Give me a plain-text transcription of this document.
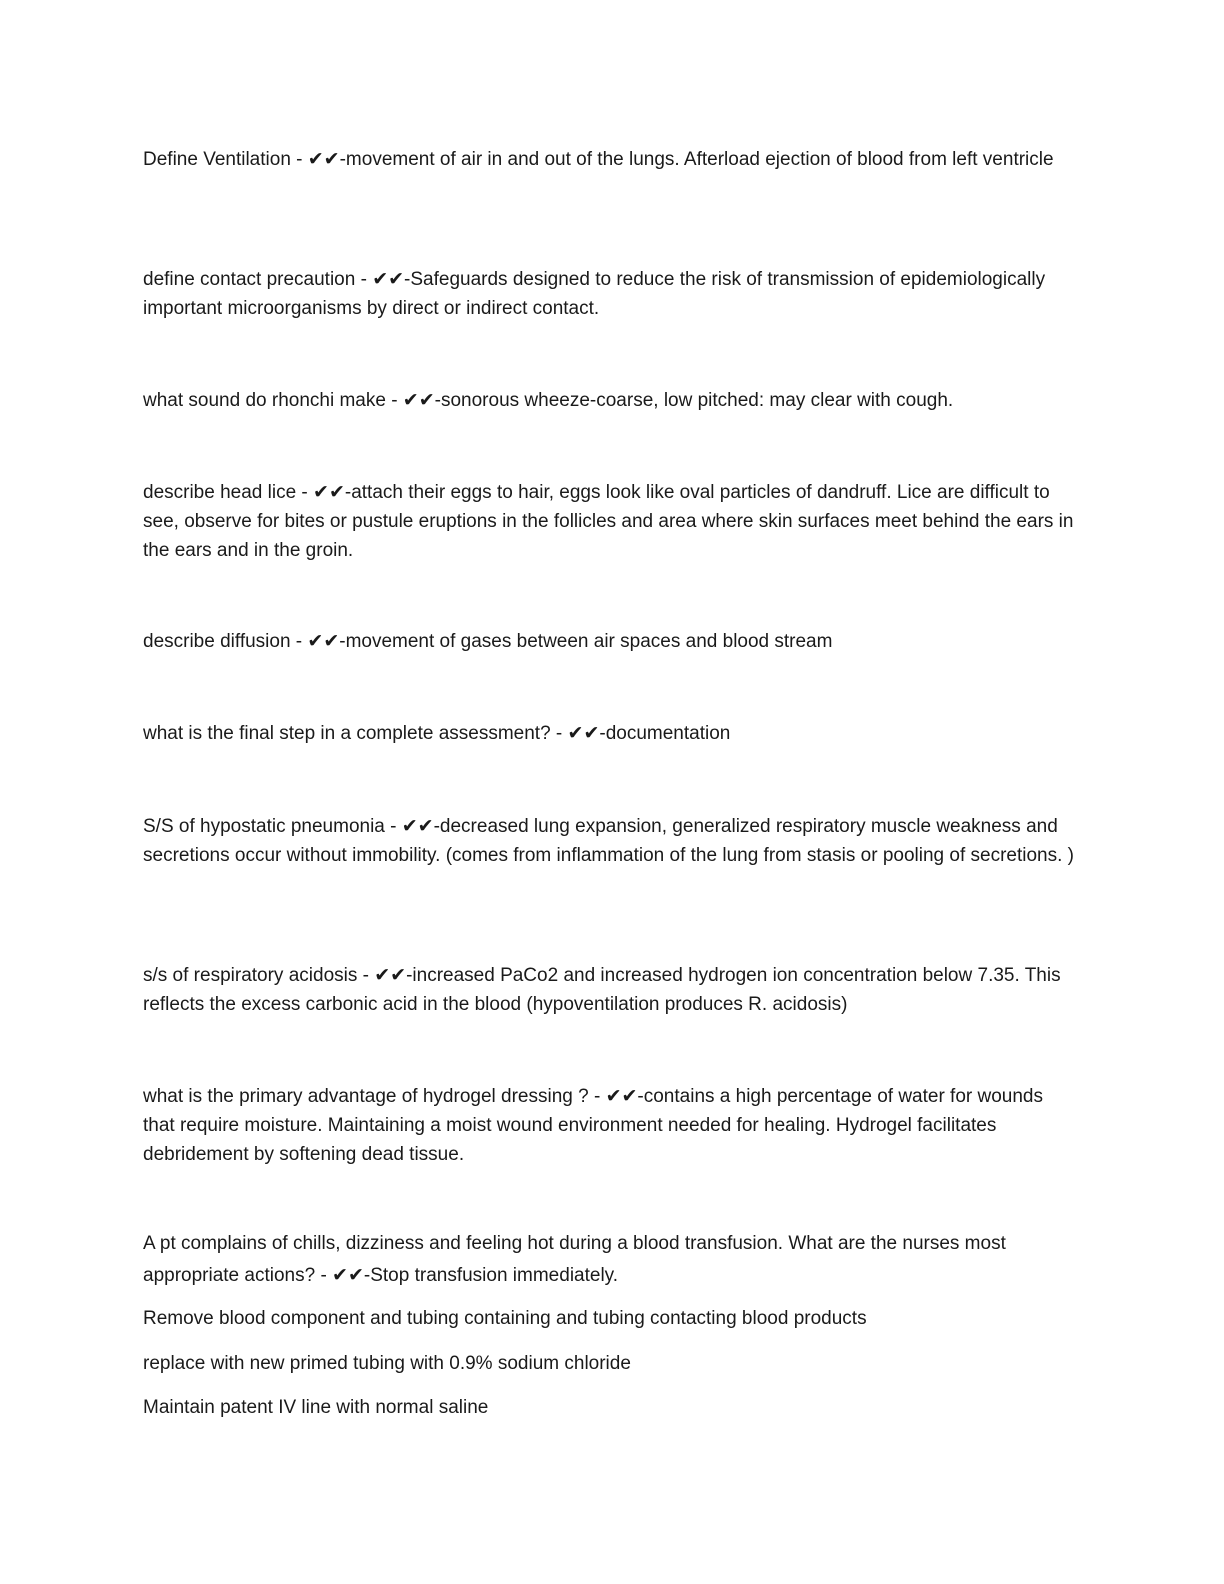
Define Ventilation - ✔✔-movement of air in and out of the lungs. Afterload ejection of blood from left ventricle

define contact precaution - ✔✔-Safeguards designed to reduce the risk of transmission of epidemiologically important microorganisms by direct or indirect contact.

what sound do rhonchi make - ✔✔-sonorous wheeze-coarse, low pitched: may clear with cough.

describe head lice - ✔✔-attach their eggs to hair, eggs look like oval particles of dandruff. Lice are difficult to see, observe for bites or pustule eruptions in the follicles and area where skin surfaces meet behind the ears in the ears and in the groin.

describe diffusion - ✔✔-movement of gases between air spaces and blood stream

what is the final step in a complete assessment? - ✔✔-documentation

S/S of hypostatic pneumonia - ✔✔-decreased lung expansion, generalized respiratory muscle weakness and secretions occur without immobility. (comes from inflammation of the lung from stasis or pooling of secretions. )

s/s of respiratory acidosis - ✔✔-increased PaCo2 and increased hydrogen ion concentration below 7.35. This reflects the excess carbonic acid in the blood (hypoventilation produces R. acidosis)

what is the primary advantage of hydrogel dressing ? - ✔✔-contains a high percentage of water for wounds that require moisture. Maintaining a moist wound environment needed for healing. Hydrogel facilitates debridement by softening dead tissue.

A pt complains of chills, dizziness and feeling hot during a blood transfusion. What are the nurses most appropriate actions? - ✔✔-Stop transfusion immediately.

Remove blood component and tubing containing and tubing contacting blood products

replace with new primed tubing with 0.9% sodium chloride

Maintain patent IV line with normal saline
